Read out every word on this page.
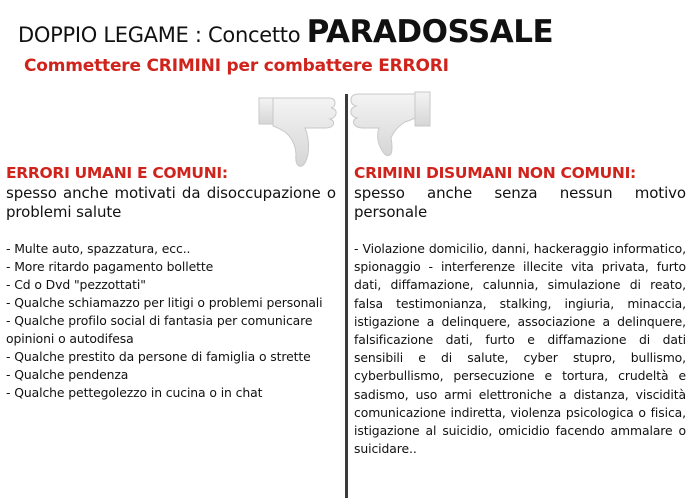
DOPPIO LEGAME : Concetto PARADOSSALE
Commettere CRIMINI per combattere ERRORI
ERRORI UMANI E COMUNI:
spesso anche motivati da disoccupazione o problemi salute
- Multe auto, spazzatura, ecc..
- More ritardo pagamento bollette
- Cd o Dvd "pezzottati"
- Qualche schiamazzo per litigi o problemi personali
- Qualche profilo social di fantasia per comunicare opinioni o autodifesa
- Qualche prestito da persone di famiglia o strette
- Qualche pendenza
- Qualche pettegolezzo in cucina o in chat
CRIMINI DISUMANI NON COMUNI:
spesso anche senza nessun motivo personale
- Violazione domicilio, danni, hackeraggio informatico, spionaggio - interferenze illecite vita privata, furto dati, diffamazione, calunnia, simulazione di reato, falsa testimonianza, stalking, ingiuria, minaccia, istigazione a delinquere, associazione a delinquere, falsificazione dati, furto e diffamazione di dati sensibili e di salute, cyber stupro, bullismo, cyberbullismo, persecuzione e tortura, crudeltà e sadismo, uso armi elettroniche a distanza, viscidità comunicazione indiretta, violenza psicologica o fisica, istigazione al suicidio, omicidio facendo ammalare o suicidare..
